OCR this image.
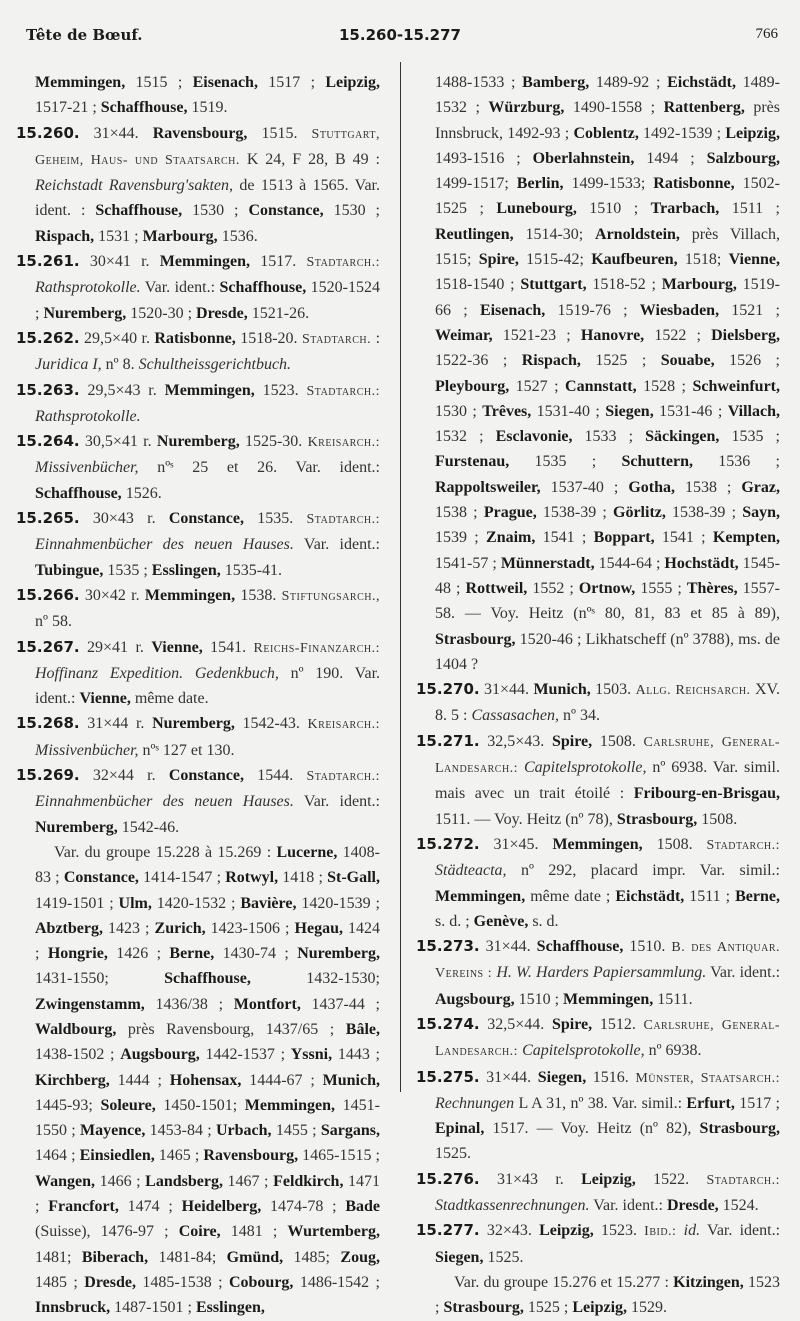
Tête de Bœuf.	15.260-15.277	766

Memmingen, 1515 ; Eisenach, 1517 ; Leipzig, 1517-21 ; Schaffhouse, 1519.

15.260. 31×44. Ravensbourg, 1515. Stuttgart, Geheim, Haus- und Staatsarch. K 24, F 28, B 49 : Reichstadt Ravensburg'sakten, de 1513 à 1565. Var. ident. : Schaffhouse, 1530 ; Constance, 1530 ; Rispach, 1531 ; Marbourg, 1536.

15.261. 30×41 r. Memmingen, 1517. Stadtarch.: Rathsprotokolle. Var. ident.: Schaffhouse, 1520-1524 ; Nuremberg, 1520-30 ; Dresde, 1521-26.

15.262. 29,5×40 r. Ratisbonne, 1518-20. Stadtarch. : Juridica I, nº 8. Schultheissgerichtbuch.

15.263. 29,5×43 r. Memmingen, 1523. Stadtarch.: Rathsprotokolle.

15.264. 30,5×41 r. Nuremberg, 1525-30. Kreisarch.: Missivenbücher, nºˢ 25 et 26. Var. ident.: Schaffhouse, 1526.

15.265. 30×43 r. Constance, 1535. Stadtarch.: Einnahmenbücher des neuen Hauses. Var. ident.: Tubingue, 1535 ; Esslingen, 1535-41.

15.266. 30×42 r. Memmingen, 1538. Stiftungsarch., nº 58.

15.267. 29×41 r. Vienne, 1541. Reichs-Finanzarch.: Hoffinanz Expedition. Gedenkbuch, nº 190. Var. ident.: Vienne, même date.

15.268. 31×44 r. Nuremberg, 1542-43. Kreisarch.: Missivenbücher, nºˢ 127 et 130.

15.269. 32×44 r. Constance, 1544. Stadtarch.: Einnahmenbücher des neuen Hauses. Var. ident.: Nuremberg, 1542-46.

Var. du groupe 15.228 à 15.269 : Lucerne, 1408-83 ; Constance, 1414-1547 ; Rotwyl, 1418 ; St-Gall, 1419-1501 ; Ulm, 1420-1532 ; Bavière, 1420-1539 ; Abztberg, 1423 ; Zurich, 1423-1506 ; Hegau, 1424 ; Hongrie, 1426 ; Berne, 1430-74 ; Nuremberg, 1431-1550; Schaffhouse, 1432-1530; Zwingenstamm, 1436/38 ; Montfort, 1437-44 ; Waldbourg, près Ravensbourg, 1437/65 ; Bâle, 1438-1502 ; Augsbourg, 1442-1537 ; Yssni, 1443 ; Kirchberg, 1444 ; Hohensax, 1444-67 ; Munich, 1445-93; Soleure, 1450-1501; Memmingen, 1451-1550 ; Mayence, 1453-84 ; Urbach, 1455 ; Sargans, 1464 ; Einsiedlen, 1465 ; Ravensbourg, 1465-1515 ; Wangen, 1466 ; Landsberg, 1467 ; Feldkirch, 1471 ; Francfort, 1474 ; Heidelberg, 1474-78 ; Bade (Suisse), 1476-97 ; Coire, 1481 ; Wurtemberg, 1481; Biberach, 1481-84; Gmünd, 1485; Zoug, 1485 ; Dresde, 1485-1538 ; Cobourg, 1486-1542 ; Innsbruck, 1487-1501 ; Esslingen,

1488-1533 ; Bamberg, 1489-92 ; Eichstädt, 1489-1532 ; Würzburg, 1490-1558 ; Rattenberg, près Innsbruck, 1492-93 ; Coblentz, 1492-1539 ; Leipzig, 1493-1516 ; Oberlahnstein, 1494 ; Salzbourg, 1499-1517; Berlin, 1499-1533; Ratisbonne, 1502-1525 ; Lunebourg, 1510 ; Trarbach, 1511 ; Reutlingen, 1514-30; Arnoldstein, près Villach, 1515; Spire, 1515-42; Kaufbeuren, 1518; Vienne, 1518-1540 ; Stuttgart, 1518-52 ; Marbourg, 1519-66 ; Eisenach, 1519-76 ; Wiesbaden, 1521 ; Weimar, 1521-23 ; Hanovre, 1522 ; Dielsberg, 1522-36 ; Rispach, 1525 ; Souabe, 1526 ; Pleybourg, 1527 ; Cannstatt, 1528 ; Schweinfurt, 1530 ; Trêves, 1531-40 ; Siegen, 1531-46 ; Villach, 1532 ; Esclavonie, 1533 ; Säckingen, 1535 ; Furstenau, 1535 ; Schuttern, 1536 ; Rappoltsweiler, 1537-40 ; Gotha, 1538 ; Graz, 1538 ; Prague, 1538-39 ; Görlitz, 1538-39 ; Sayn, 1539 ; Znaim, 1541 ; Boppart, 1541 ; Kempten, 1541-57 ; Münnerstadt, 1544-64 ; Hochstädt, 1545-48 ; Rottweil, 1552 ; Ortnow, 1555 ; Thères, 1557-58. — Voy. Heitz (nºˢ 80, 81, 83 et 85 à 89), Strasbourg, 1520-46 ; Likhatscheff (nº 3788), ms. de 1404 ?

15.270. 31×44. Munich, 1503. Allg. Reichsarch. XV. 8. 5 : Cassasachen, nº 34.

15.271. 32,5×43. Spire, 1508. Carlsruhe, General-Landesarch.: Capitelsprotokolle, nº 6938. Var. simil. mais avec un trait étoilé : Fribourg-en-Brisgau, 1511. — Voy. Heitz (nº 78), Strasbourg, 1508.

15.272. 31×45. Memmingen, 1508. Stadtarch.: Städteacta, nº 292, placard impr. Var. simil.: Memmingen, même date ; Eichstädt, 1511 ; Berne, s. d. ; Genève, s. d.

15.273. 31×44. Schaffhouse, 1510. B. des Antiquar. Vereins : H. W. Harders Papiersammlung. Var. ident.: Augsbourg, 1510 ; Memmingen, 1511.

15.274. 32,5×44. Spire, 1512. Carlsruhe, General-Landesarch.: Capitelsprotokolle, nº 6938.

15.275. 31×44. Siegen, 1516. Münster, Staatsarch.: Rechnungen L A 31, nº 38. Var. simil.: Erfurt, 1517 ; Epinal, 1517. — Voy. Heitz (nº 82), Strasbourg, 1525.

15.276. 31×43 r. Leipzig, 1522. Stadtarch.: Stadtkassenrechnungen. Var. ident.: Dresde, 1524.

15.277. 32×43. Leipzig, 1523. Ibid.: id. Var. ident.: Siegen, 1525.

Var. du groupe 15.276 et 15.277 : Kitzingen, 1523 ; Strasbourg, 1525 ; Leipzig, 1529.
